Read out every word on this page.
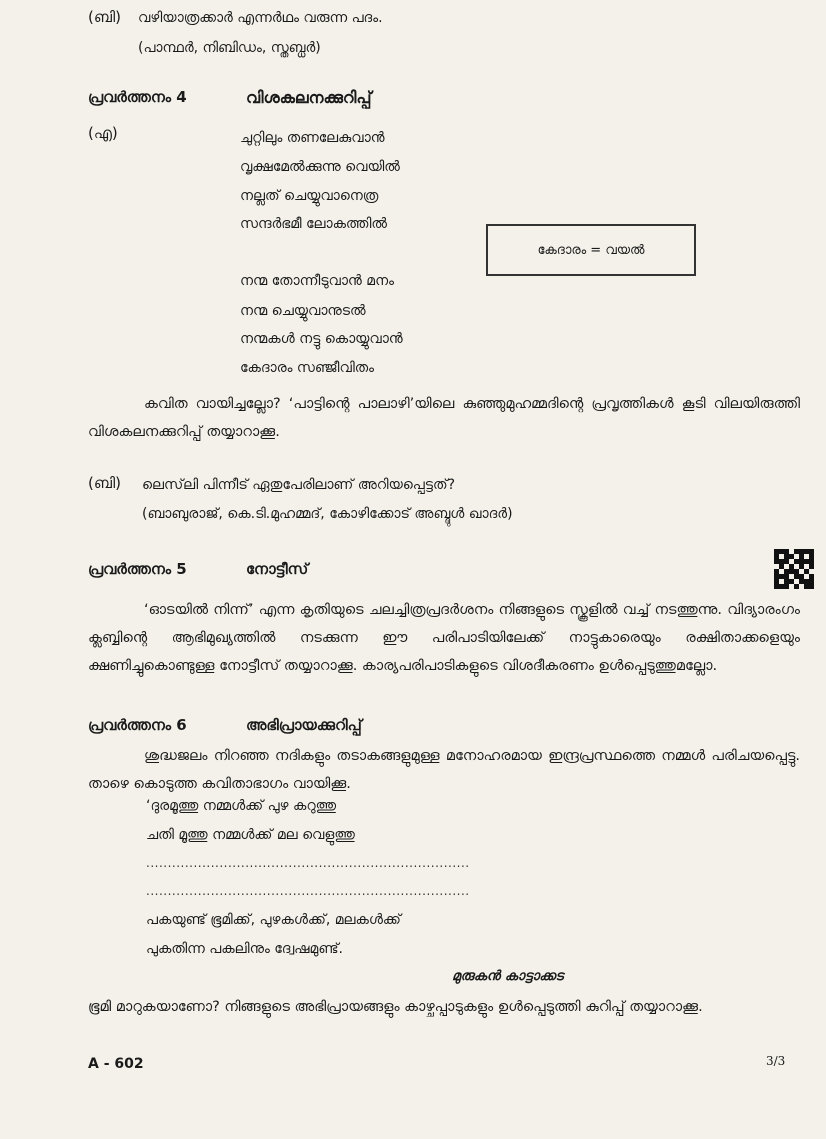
(ബി) വഴിയാത്രക്കാർ എന്നർഥം വരുന്ന പദം.
(പാന്ഥർ, നിബിഡം, സ്തബ്ധർ)
പ്രവർത്തനം 4	വിശകലനക്കുറിപ്പ്
(എ)	ചുറ്റിലും തണലേകുവാൻ
വൃക്ഷമേൽക്കുന്നു വെയിൽ
നല്ലത് ചെയ്യുവാനെത്ര
സന്ദർഭമീ ലോകത്തിൽ
കേദാരം = വയൽ
നന്മ തോന്നീടുവാൻ മനം
നന്മ ചെയ്യുവാനുടൽ
നന്മകൾ നട്ടു കൊയ്യുവാൻ
കേദാരം സഞ്ജീവിതം
കവിത വായിച്ചല്ലോ? ‘പാട്ടിന്റെ പാലാഴി’യിലെ കുഞ്ഞുമുഹമ്മദിന്റെ പ്രവൃത്തികൾ കൂടി വിലയിരുത്തി വിശകലനക്കുറിപ്പ് തയ്യാറാക്കൂ.
(ബി) ലെസ്‌ലി പിന്നീട് ഏതുപേരിലാണ് അറിയപ്പെട്ടത്?
(ബാബുരാജ്, കെ.ടി.മുഹമ്മദ്, കോഴിക്കോട് അബ്ദുൾ ഖാദർ)
പ്രവർത്തനം 5	നോട്ടീസ്
‘ഓടയിൽ നിന്ന്’ എന്ന കൃതിയുടെ ചലച്ചിത്രപ്രദർശനം നിങ്ങളുടെ സ്കൂളിൽ വച്ച് നടത്തുന്നു. വിദ്യാരംഗം ക്ലബ്ബിന്റെ ആഭിമുഖ്യത്തിൽ നടക്കുന്ന ഈ പരിപാടിയിലേക്ക് നാട്ടുകാരെയും രക്ഷിതാക്കളെയും ക്ഷണിച്ചുകൊണ്ടുള്ള നോട്ടീസ് തയ്യാറാക്കൂ. കാര്യപരിപാടികളുടെ വിശദീകരണം ഉൾപ്പെടുത്തുമല്ലോ.
പ്രവർത്തനം 6	അഭിപ്രായക്കുറിപ്പ്
ശുദ്ധജലം നിറഞ്ഞ നദികളും തടാകങ്ങളുമുള്ള മനോഹരമായ ഇന്ദ്രപ്രസ്ഥത്തെ നമ്മൾ പരിചയപ്പെട്ടു. താഴെ കൊടുത്ത കവിതാഭാഗം വായിക്കൂ.
‘ദുരമൂത്തു നമ്മൾക്ക് പുഴ കറുത്തു
ചതി മൂത്തു നമ്മൾക്ക് മല വെളുത്തു
...........................................................................
...........................................................................
പകയുണ്ട് ഭൂമിക്ക്, പുഴകൾക്ക്, മലകൾക്ക്
പുകതിന്ന പകലിനും ദ്വേഷമുണ്ട്.
മുരുകൻ കാട്ടാക്കട
ഭൂമി മാറുകയാണോ? നിങ്ങളുടെ അഭിപ്രായങ്ങളും കാഴ്ചപ്പാടുകളും ഉൾപ്പെടുത്തി കുറിപ്പ് തയ്യാറാക്കൂ.
A - 602	3/3
